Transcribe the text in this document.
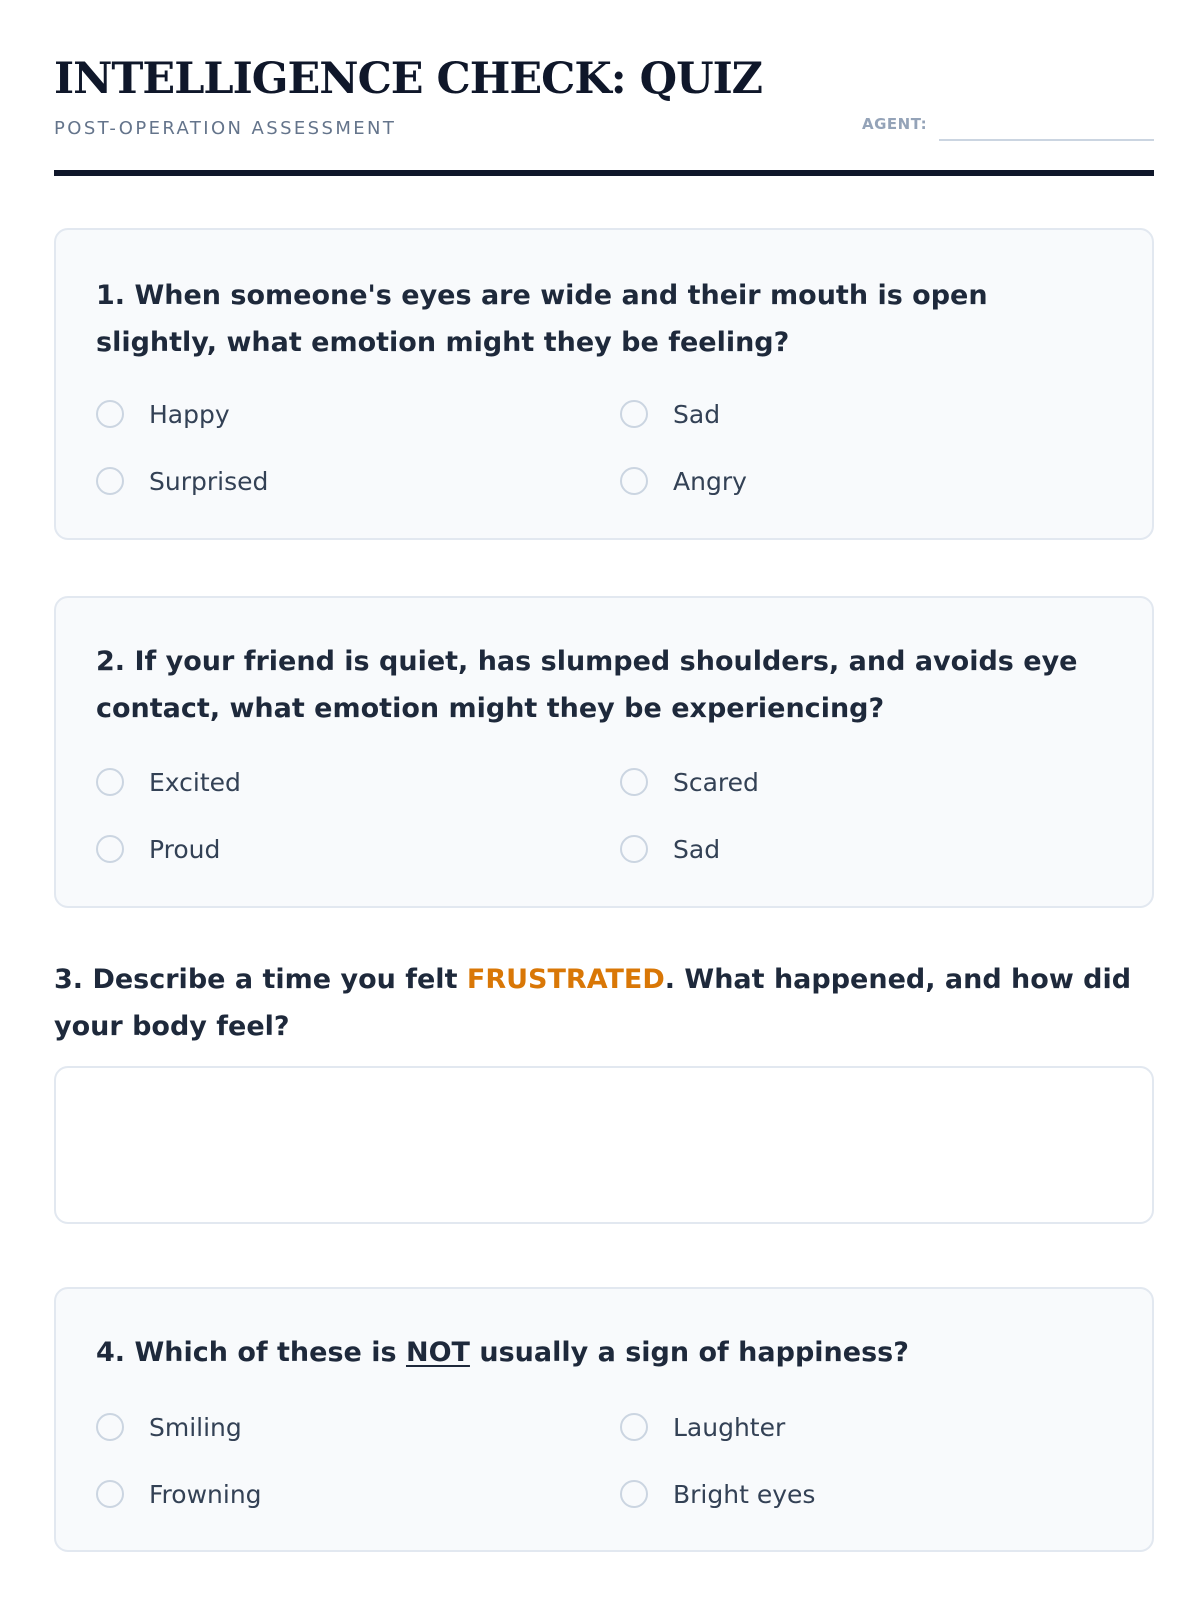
INTELLIGENCE CHECK: QUIZ
POST-OPERATION ASSESSMENT	AGENT:

1. When someone's eyes are wide and their mouth is open slightly, what emotion might they be feeling?

Happy	Sad
Surprised	Angry

2. If your friend is quiet, has slumped shoulders, and avoids eye contact, what emotion might they be experiencing?

Excited	Scared
Proud	Sad

3. Describe a time you felt FRUSTRATED. What happened, and how did your body feel?

4. Which of these is NOT usually a sign of happiness?

Smiling	Laughter
Frowning	Bright eyes
